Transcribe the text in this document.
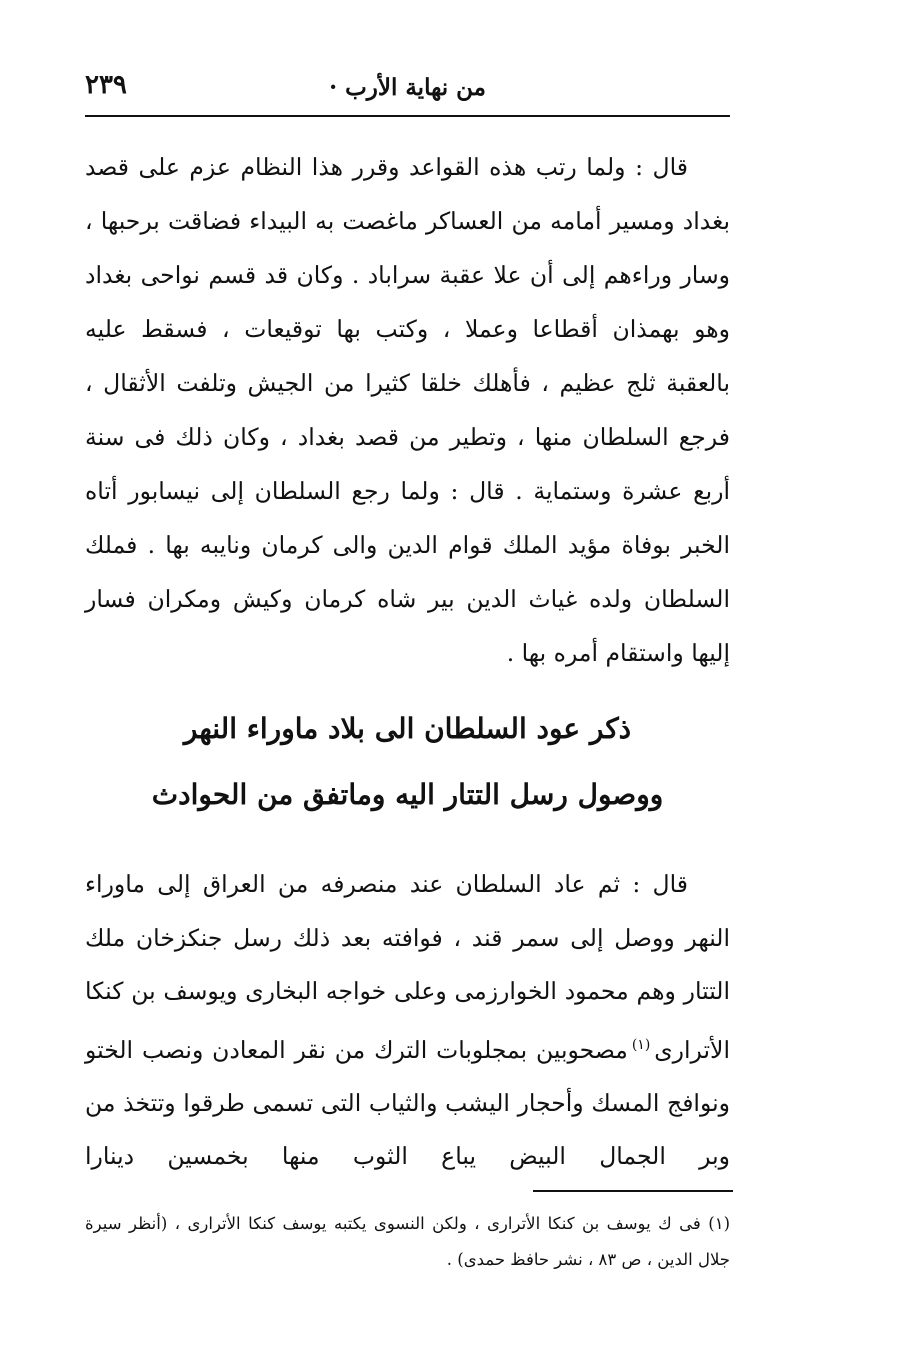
من نهاية الأرب ·
٢٣٩

قال : ولما رتب هذه القواعد وقرر هذا النظام عزم على قصد بغداد ومسير أمامه من العساكر ماغصت به البيداء فضاقت برحبها ، وسار وراءهم إلى أن علا عقبة سراباد . وكان قد قسم نواحى بغداد وهو بهمذان أقطاعا وعملا ، وكتب بها توقيعات ، فسقط عليه بالعقبة ثلج عظيم ، فأهلك خلقا كثيرا من الجيش وتلفت الأثقال ، فرجع السلطان منها ، وتطير من قصد بغداد ، وكان ذلك فى سنة أربع عشرة وستماية . قال : ولما رجع السلطان إلى نيسابور أتاه الخبر بوفاة مؤيد الملك قوام الدين والى كرمان ونايبه بها . فملك السلطان ولده غياث الدين بير شاه كرمان وكيش ومكران فسار إليها واستقام أمره بها .

ذكر عود السلطان الى بلاد ماوراء النهر
ووصول رسل التتار اليه وماتفق من الحوادث

قال : ثم عاد السلطان عند منصرفه من العراق إلى ماوراء النهر ووصل إلى سمر قند ، فوافته بعد ذلك رسل جنكزخان ملك التتار وهم محمود الخوارزمى وعلى خواجه البخارى ويوسف بن كنكا الأترارى$^{(١)}$مصحوبين بمجلوبات الترك من نقر المعادن ونصب الختو ونوافج المسك وأحجار اليشب والثياب التى تسمى طرقوا وتتخذ من وبر الجمال البيض يباع الثوب منها بخمسين دينارا

(١) فى ك يوسف بن كنكا الأترارى ، ولكن النسوى يكتبه يوسف كنكا الأترارى ، (أنظر سيرة جلال الدين ، ص ٨٣ ، نشر حافظ حمدى) .
